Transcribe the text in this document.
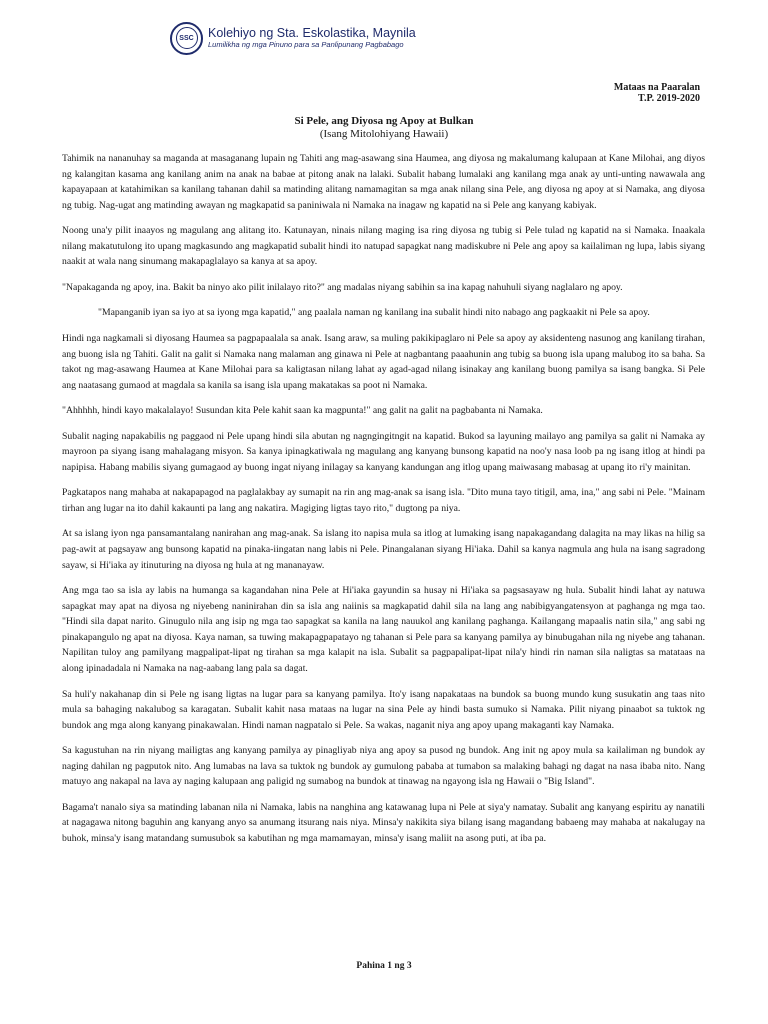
SSC	Kolehiyo ng Sta. Eskolastika, Maynila
Lumilikha ng mga Pinuno para sa Panlipunang Pagbabago
Mataas na Paaralan
T.P. 2019-2020
Si Pele, ang Diyosa ng Apoy at Bulkan
(Isang Mitolohiyang Hawaii)

Tahimik na nananuhay sa maganda at masaganang lupain ng Tahiti ang mag-asawang sina Haumea, ang diyosa ng makalumang kalupaan at Kane Milohai, ang diyos ng kalangitan kasama ang kanilang anim na anak na babae at pitong anak na lalaki. Subalit habang lumalaki ang kanilang mga anak ay unti-unting nawawala ang kapayapaan at katahimikan sa kanilang tahanan dahil sa matinding alitang namamagitan sa mga anak nilang sina Pele, ang diyosa ng apoy at si Namaka, ang diyosa ng tubig. Nag-ugat ang matinding awayan ng magkapatid sa paniniwala ni Namaka na inagaw ng kapatid na si Pele ang kanyang kabiyak.

Noong una'y pilit inaayos ng magulang ang alitang ito. Katunayan, ninais nilang maging isa ring diyosa ng tubig si Pele tulad ng kapatid na si Namaka. Inaakala nilang makatutulong ito upang magkasundo ang magkapatid subalit hindi ito natupad sapagkat nang madiskubre ni Pele ang apoy sa kailaliman ng lupa, labis siyang naakit at wala nang sinumang makapaglalayo sa kanya at sa apoy.

"Napakaganda ng apoy, ina. Bakit ba ninyo ako pilit inilalayo rito?" ang madalas niyang sabihin sa ina kapag nahuhuli siyang naglalaro ng apoy.

"Mapanganib iyan sa iyo at sa iyong mga kapatid," ang paalala naman ng kanilang ina subalit hindi nito nabago ang pagkaakit ni Pele sa apoy.

Hindi nga nagkamali si diyosang Haumea sa pagpapaalala sa anak. Isang araw, sa muling pakikipaglaro ni Pele sa apoy ay aksidenteng nasunog ang kanilang tirahan, ang buong isla ng Tahiti. Galit na galit si Namaka nang malaman ang ginawa ni Pele at nagbantang paaahunin ang tubig sa buong isla upang malubog ito sa baha. Sa takot ng mag-asawang Haumea at Kane Milohai para sa kaligtasan nilang lahat ay agad-agad nilang isinakay ang kanilang buong pamilya sa isang bangka. Si Pele ang naatasang gumaod at magdala sa kanila sa isang isla upang makatakas sa poot ni Namaka.

"Ahhhhh, hindi kayo makalalayo! Susundan kita Pele kahit saan ka magpunta!" ang galit na galit na pagbabanta ni Namaka.

Subalit naging napakabilis ng paggaod ni Pele upang hindi sila abutan ng nagngingitngit na kapatid. Bukod sa layuning mailayo ang pamilya sa galit ni Namaka ay mayroon pa siyang isang mahalagang misyon. Sa kanya ipinagkatiwala ng magulang ang kanyang bunsong kapatid na noo'y nasa loob pa ng isang itlog at hindi pa napipisa. Habang mabilis siyang gumagaod ay buong ingat niyang inilagay sa kanyang kandungan ang itlog upang maiwasang mabasag at upang ito ri'y mainitan.

Pagkatapos nang mahaba at nakapapagod na paglalakbay ay sumapit na rin ang mag-anak sa isang isla. "Dito muna tayo titigil, ama, ina," ang sabi ni Pele. "Mainam tirhan ang lugar na ito dahil kakaunti pa lang ang nakatira. Magiging ligtas tayo rito," dugtong pa niya.

At sa islang iyon nga pansamantalang nanirahan ang mag-anak. Sa islang ito napisa mula sa itlog at lumaking isang napakagandang dalagita na may likas na hilig sa pag-awit at pagsayaw ang bunsong kapatid na pinaka-iingatan nang labis ni Pele. Pinangalanan siyang Hi'iaka. Dahil sa kanya nagmula ang hula na isang sagradong sayaw, si Hi'iaka ay itinuturing na diyosa ng hula at ng mananayaw.

Ang mga tao sa isla ay labis na humanga sa kagandahan nina Pele at Hi'iaka gayundin sa husay ni Hi'iaka sa pagsasayaw ng hula. Subalit hindi lahat ay natuwa sapagkat may apat na diyosa ng niyebeng naninirahan din sa isla ang naiinis sa magkapatid dahil sila na lang ang nabibigyangatensyon at paghanga ng mga tao. "Hindi sila dapat narito. Ginugulo nila ang isip ng mga tao sapagkat sa kanila na lang nauukol ang kanilang paghanga. Kailangang mapaalis natin sila," ang sabi ng pinakapangulo ng apat na diyosa. Kaya naman, sa tuwing makapagpapatayo ng tahanan si Pele para sa kanyang pamilya ay binubugahan nila ng niyebe ang tahanan. Napilitan tuloy ang pamilyang magpalipat-lipat ng tirahan sa mga kalapit na isla. Subalit sa pagpapalipat-lipat nila'y hindi rin naman sila naligtas sa matataas na along ipinadadala ni Namaka na nag-aabang lang pala sa dagat.

Sa huli'y nakahanap din si Pele ng isang ligtas na lugar para sa kanyang pamilya. Ito'y isang napakataas na bundok sa buong mundo kung susukatin ang taas nito mula sa bahaging nakalubog sa karagatan. Subalit kahit nasa mataas na lugar na sina Pele ay hindi basta sumuko si Namaka. Pilit niyang pinaabot sa tuktok ng bundok ang mga along kanyang pinakawalan. Hindi naman nagpatalo si Pele. Sa wakas, naganit niya ang apoy upang makaganti kay Namaka.

Sa kagustuhan na rin niyang mailigtas ang kanyang pamilya ay pinagliyab niya ang apoy sa pusod ng bundok. Ang init ng apoy mula sa kailaliman ng bundok ay naging dahilan ng pagputok nito. Ang lumabas na lava sa tuktok ng bundok ay gumulong pababa at tumabon sa malaking bahagi ng dagat na nasa ibaba nito. Nang matuyo ang nakapal na lava ay naging kalupaan ang paligid ng sumabog na bundok at tinawag na ngayong isla ng Hawaii o "Big Island".

Bagama't nanalo siya sa matinding labanan nila ni Namaka, labis na nanghina ang katawanag lupa ni Pele at siya'y namatay. Subalit ang kanyang espiritu ay nanatili at nagagawa nitong baguhin ang kanyang anyo sa anumang itsurang nais niya. Minsa'y nakikita siya bilang isang magandang babaeng may mahaba at nakalugay na buhok, minsa'y isang matandang sumusubok sa kabutihan ng mga mamamayan, minsa'y isang maliit na asong puti, at iba pa.

Pahina 1 ng 3
